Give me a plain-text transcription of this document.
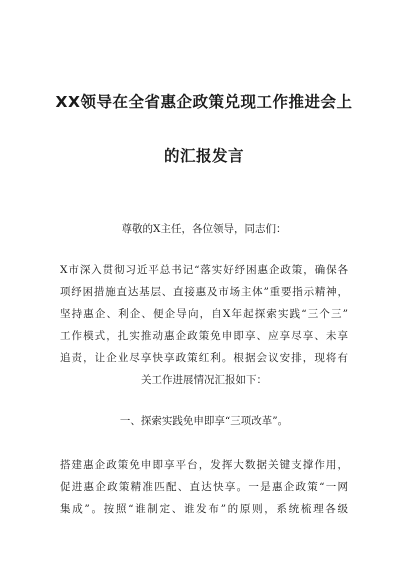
XX领导在全省惠企政策兑现工作推进会上
的汇报发言

尊敬的X主任，各位领导，同志们：

X市深入贯彻习近平总书记“落实好纾困惠企政策，确保各

项纾困措施直达基层、直接惠及市场主体”重要指示精神，

坚持惠企、利企、便企导向，自X年起探索实践“三个三”

工作模式，扎实推动惠企政策免申即享、应享尽享、未享

追责，让企业尽享快享政策红利。根据会议安排，现将有

关工作进展情况汇报如下：

一、探索实践免申即享“三项改革”。

搭建惠企政策免申即享平台，发挥大数据关键支撑作用，

促进惠企政策精准匹配、直达快享。一是惠企政策“一网

集成”。按照“谁制定、谁发布”的原则，系统梳理各级
